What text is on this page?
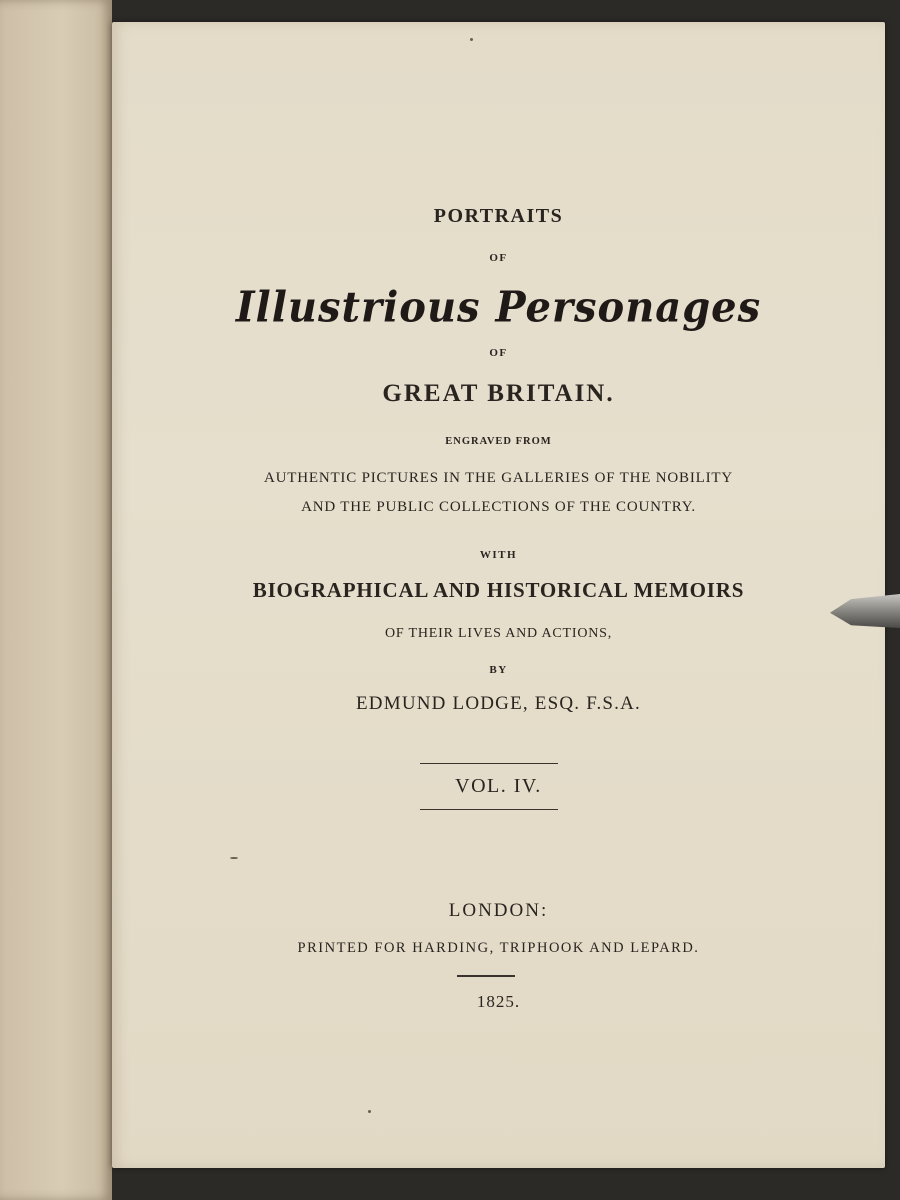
PORTRAITS
OF
Illustrious Personages
OF
GREAT BRITAIN.
ENGRAVED FROM
AUTHENTIC PICTURES IN THE GALLERIES OF THE NOBILITY
AND THE PUBLIC COLLECTIONS OF THE COUNTRY.
WITH
BIOGRAPHICAL AND HISTORICAL MEMOIRS
OF THEIR LIVES AND ACTIONS,
BY
EDMUND LODGE, ESQ. F.S.A.
VOL. IV.
LONDON:
PRINTED FOR HARDING, TRIPHOOK AND LEPARD.
1825.
